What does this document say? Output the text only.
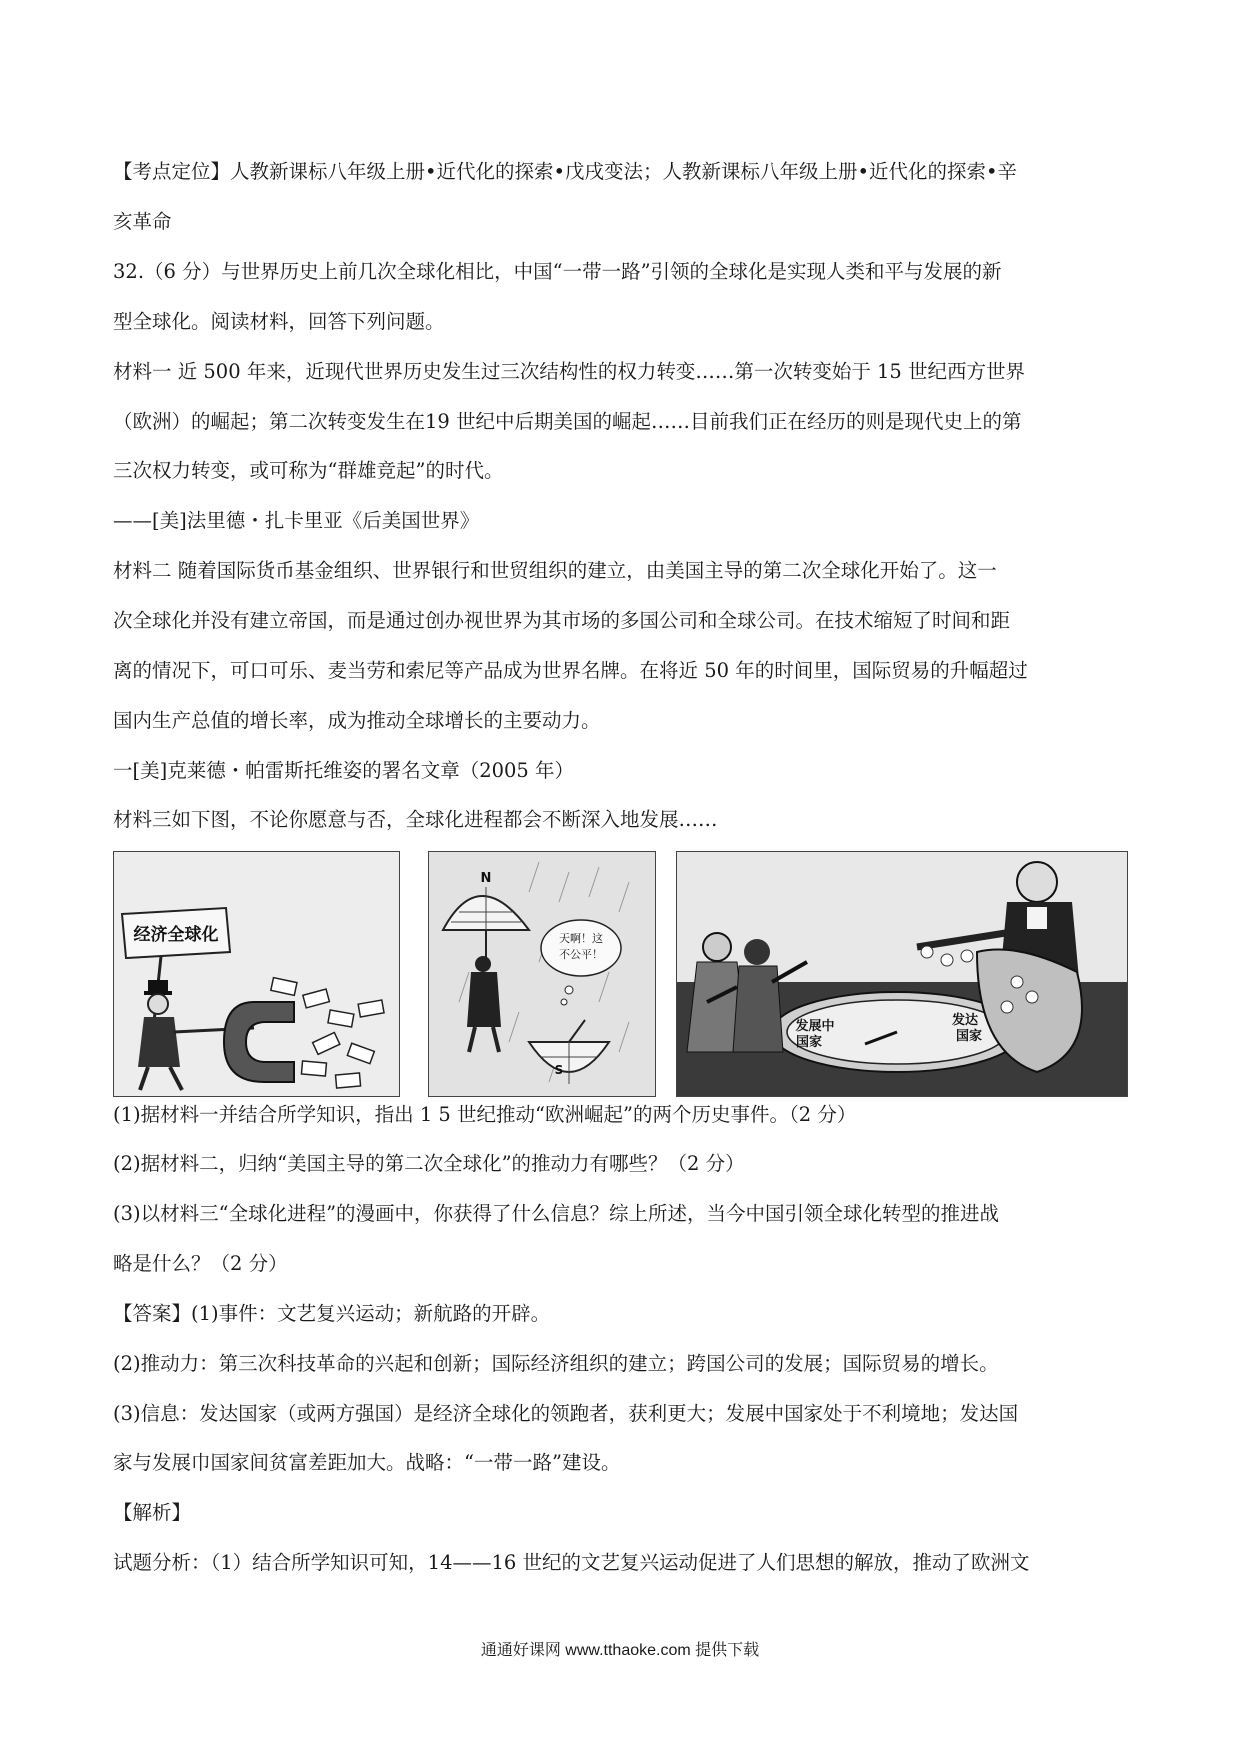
【考点定位】人教新课标八年级上册•近代化的探索•戊戌变法；人教新课标八年级上册•近代化的探索•辛
亥革命
32.（6 分）与世界历史上前几次全球化相比，中国“一带一路”引领的全球化是实现人类和平与发展的新
型全球化。阅读材料，回答下列问题。
材料一 近 500 年来，近现代世界历史发生过三次结构性的权力转变……第一次转变始于 15 世纪西方世界
（欧洲）的崛起；第二次转变发生在19 世纪中后期美国的崛起……目前我们正在经历的则是现代史上的第
三次权力转变，或可称为“群雄竞起”的时代。
——[美]法里德・扎卡里亚《后美国世界》
材料二 随着国际货币基金组织、世界银行和世贸组织的建立，由美国主导的第二次全球化开始了。这一
次全球化并没有建立帝国，而是通过创办视世界为其市场的多国公司和全球公司。在技术缩短了时间和距
离的情况下，可口可乐、麦当劳和索尼等产品成为世界名牌。在将近 50 年的时间里，国际贸易的升幅超过
国内生产总值的增长率，成为推动全球增长的主要动力。
一[美]克莱德・帕雷斯托维姿的署名文章（2005 年）
材料三如下图，不论你愿意与否，全球化进程都会不断深入地发展……
经济全球化
N
天啊！这
不公平！
S
发展中
国家
发达
国家
(1)据材料一并结合所学知识，指出 1 5 世纪推动“欧洲崛起”的两个历史事件。（2 分）
(2)据材料二，归纳“美国主导的第二次全球化”的推动力有哪些？（2 分）
(3)以材料三“全球化进程”的漫画中，你获得了什么信息？综上所述，当今中国引领全球化转型的推进战
略是什么？（2 分）
【答案】(1)事件：文艺复兴运动；新航路的开辟。
(2)推动力：第三次科技革命的兴起和创新；国际经济组织的建立；跨国公司的发展；国际贸易的增长。
(3)信息：发达国家（或两方强国）是经济全球化的领跑者，获利更大；发展中国家处于不利境地；发达国
家与发展巾国家间贫富差距加大。战略：“一带一路”建设。
【解析】
试题分析：（1）结合所学知识可知，14——16 世纪的文艺复兴运动促进了人们思想的解放，推动了欧洲文
通通好课网 www.tthaoke.com 提供下载
